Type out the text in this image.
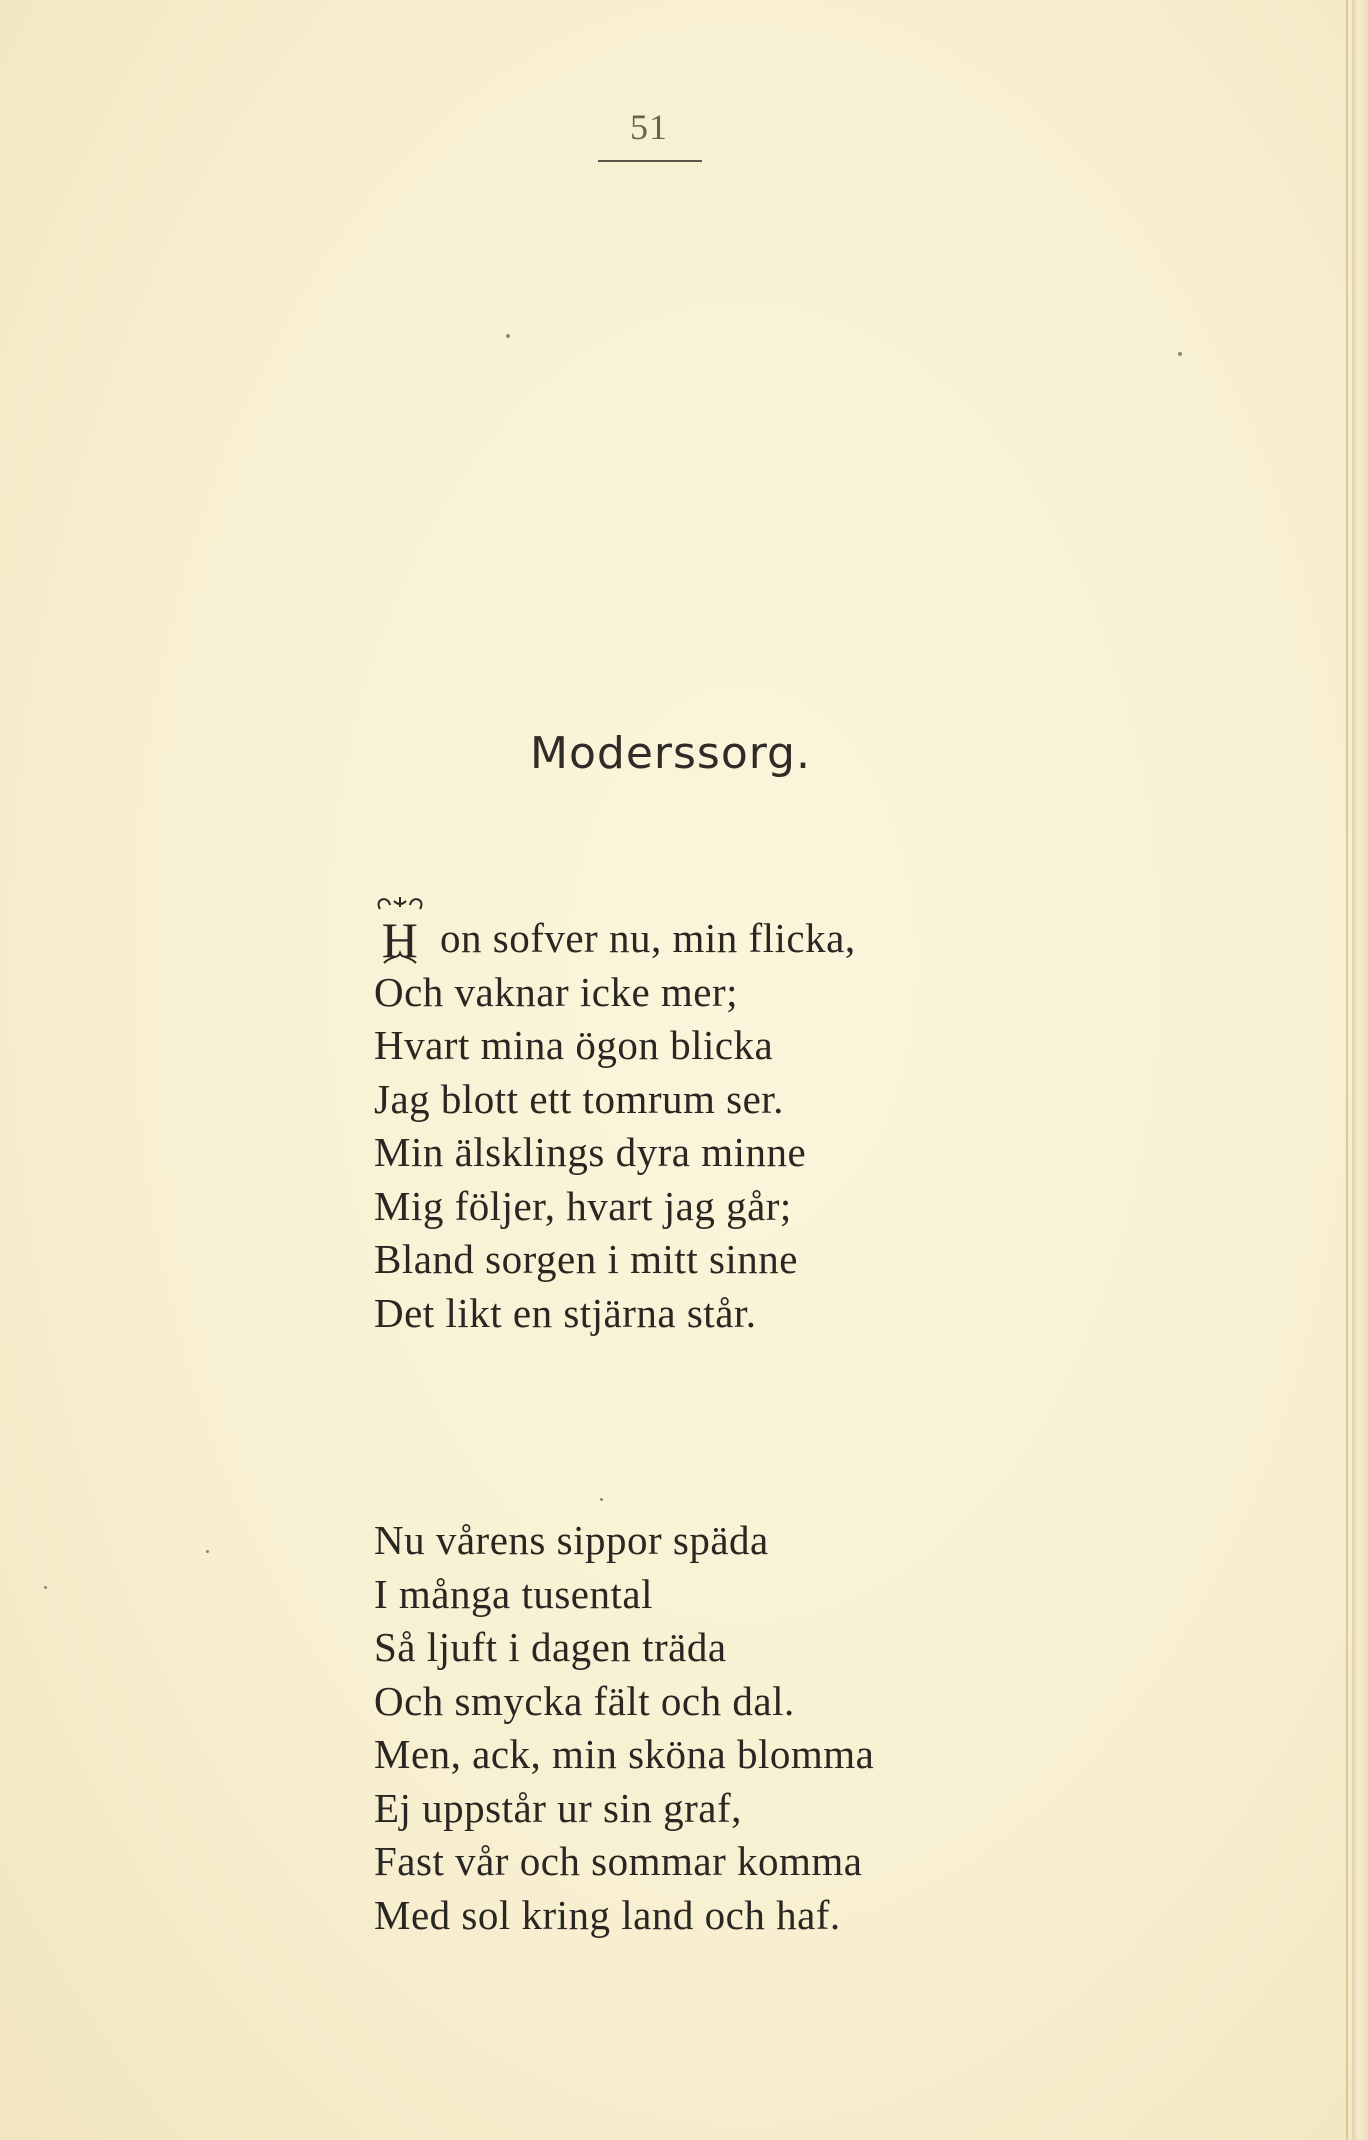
51
Moderssorg.
H on sofver nu, min flicka,
Och vaknar icke mer;
Hvart mina ögon blicka
Jag blott ett tomrum ser.
Min älsklings dyra minne
Mig följer, hvart jag går;
Bland sorgen i mitt sinne
Det likt en stjärna står.
Nu vårens sippor späda
I många tusental
Så ljuft i dagen träda
Och smycka fält och dal.
Men, ack, min sköna blomma
Ej uppstår ur sin graf,
Fast vår och sommar komma
Med sol kring land och haf.
